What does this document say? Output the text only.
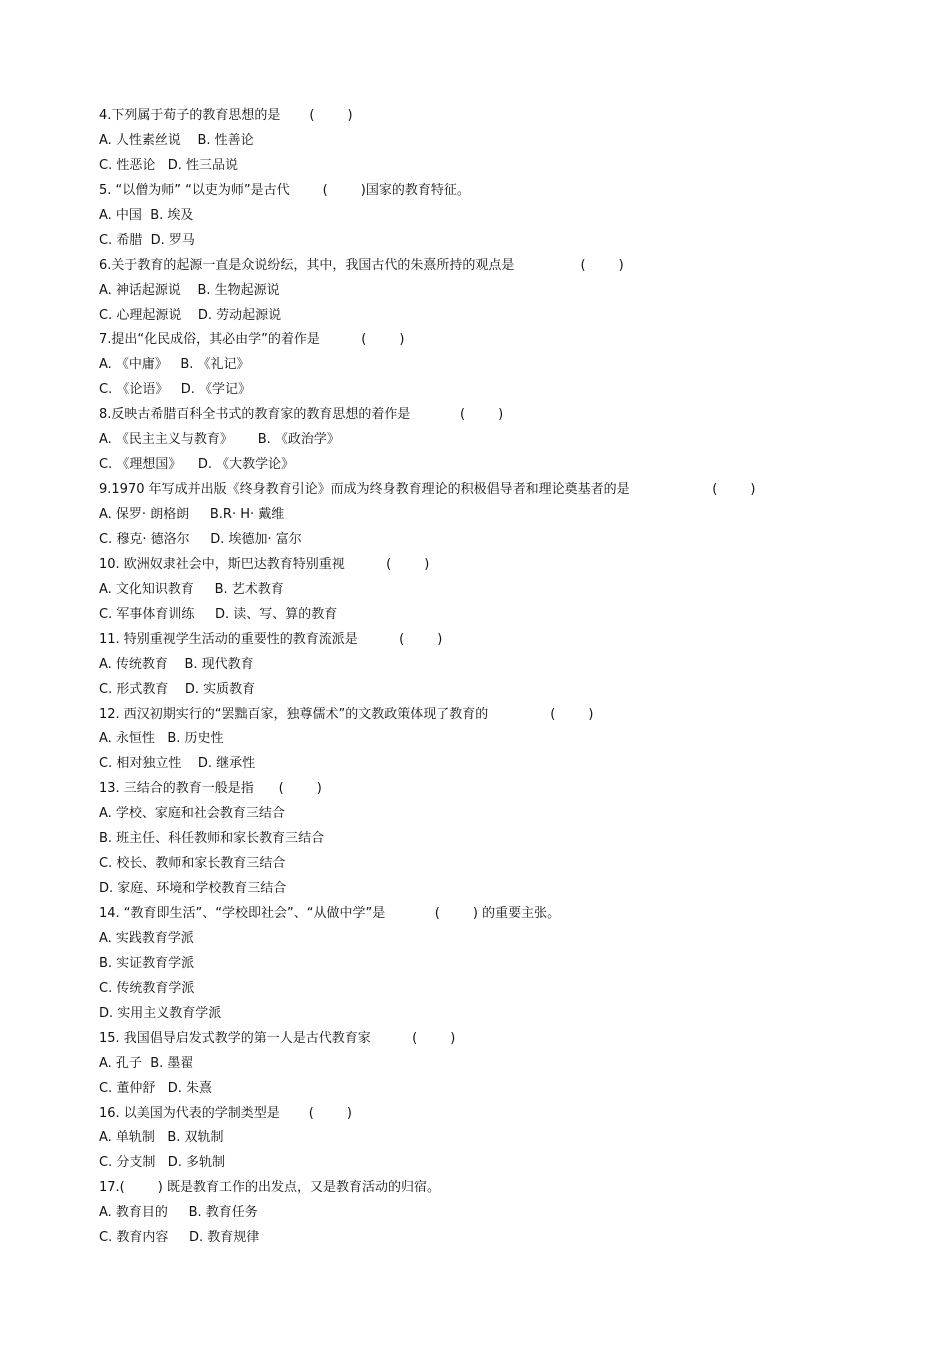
4.下列属于荀子的教育思想的是       (        )
A. 人性素丝说    B. 性善论
C. 性恶论   D. 性三品说
5. “以僧为师” “以吏为师”是古代        (        )国家的教育特征。
A. 中国  B. 埃及
C. 希腊  D. 罗马
6.关于教育的起源一直是众说纷纭，其中，我国古代的朱熹所持的观点是                (        )
A. 神话起源说    B. 生物起源说
C. 心理起源说    D. 劳动起源说
7.提出“化民成俗，其必由学”的着作是          (        )
A. 《中庸》   B. 《礼记》
C. 《论语》   D. 《学记》
8.反映古希腊百科全书式的教育家的教育思想的着作是            (        )
A. 《民主主义与教育》      B. 《政治学》
C. 《理想国》    D. 《大教学论》
9.1970 年写成并出版《终身教育引论》而成为终身教育理论的积极倡导者和理论奠基者的是                    (        )
A. 保罗· 朗格朗     B.R· H· 戴维
C. 穆克· 德洛尔     D. 埃德加· 富尔
10. 欧洲奴隶社会中，斯巴达教育特别重视          (        )
A. 文化知识教育     B. 艺术教育
C. 军事体育训练     D. 读、写、算的教育
11. 特别重视学生活动的重要性的教育流派是          (        )
A. 传统教育    B. 现代教育
C. 形式教育    D. 实质教育
12. 西汉初期实行的“罢黜百家，独尊儒术”的文教政策体现了教育的               (        )
A. 永恒性   B. 历史性
C. 相对独立性    D. 继承性
13. 三结合的教育一般是指      (        )
A. 学校、家庭和社会教育三结合
B. 班主任、科任教师和家长教育三结合
C. 校长、教师和家长教育三结合
D. 家庭、环境和学校教育三结合
14. “教育即生活”、“学校即社会”、“从做中学”是            (        ) 的重要主张。
A. 实践教育学派
B. 实证教育学派
C. 传统教育学派
D. 实用主义教育学派
15. 我国倡导启发式教学的第一人是古代教育家          (        )
A. 孔子  B. 墨翟
C. 董仲舒   D. 朱熹
16. 以美国为代表的学制类型是       (        )
A. 单轨制   B. 双轨制
C. 分支制   D. 多轨制
17.(        ) 既是教育工作的出发点，又是教育活动的归宿。
A. 教育目的     B. 教育任务
C. 教育内容     D. 教育规律
